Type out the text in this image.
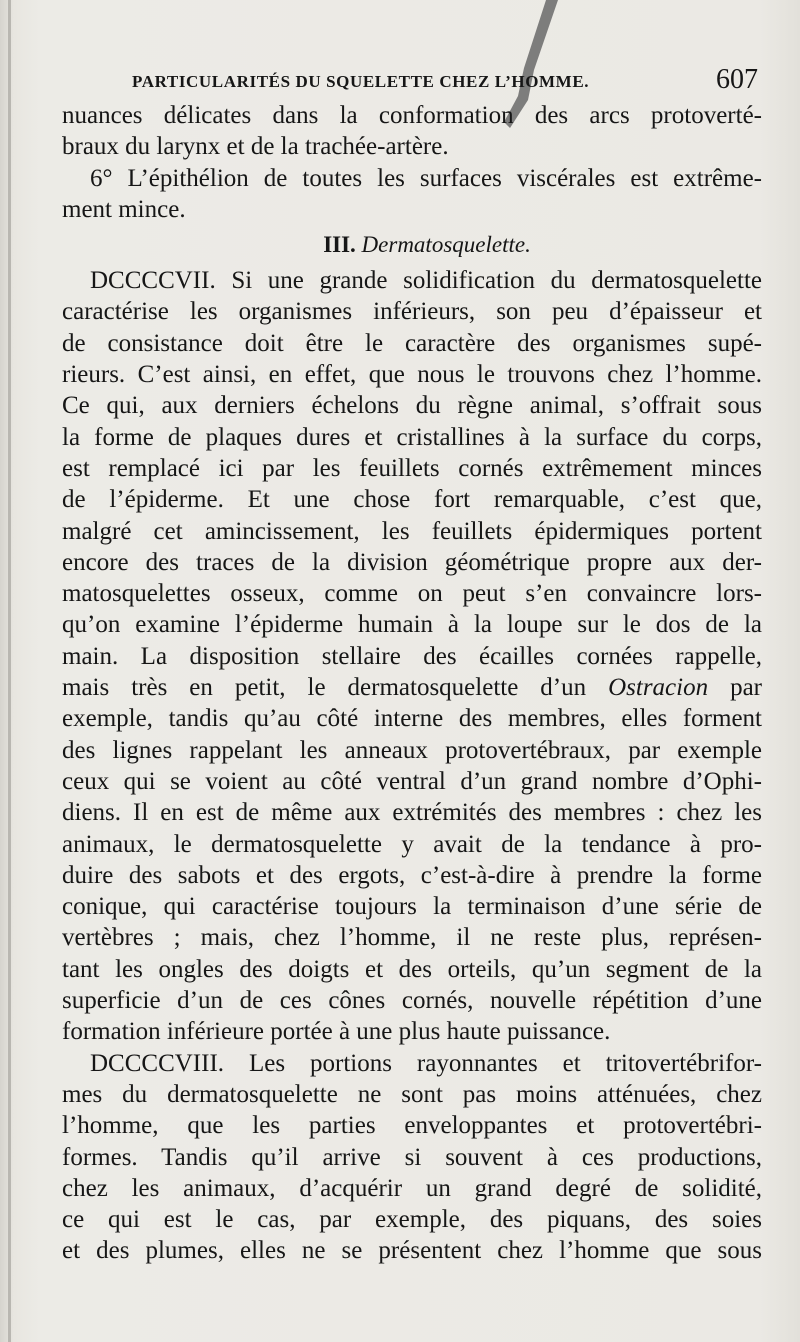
PARTICULARITÉS DU SQUELETTE CHEZ L’HOMME.	607
nuances délicates dans la conformation des arcs protoverté-
braux du larynx et de la trachée-artère.
6° L’épithélion de toutes les surfaces viscérales est extrême-
ment mince.
III. Dermatosquelette.
DCCCCVII. Si une grande solidification du dermatosquelette
caractérise les organismes inférieurs, son peu d’épaisseur et
de consistance doit être le caractère des organismes supé-
rieurs. C’est ainsi, en effet, que nous le trouvons chez l’homme.
Ce qui, aux derniers échelons du règne animal, s’offrait sous
la forme de plaques dures et cristallines à la surface du corps,
est remplacé ici par les feuillets cornés extrêmement minces
de l’épiderme. Et une chose fort remarquable, c’est que,
malgré cet amincissement, les feuillets épidermiques portent
encore des traces de la division géométrique propre aux der-
matosquelettes osseux, comme on peut s’en convaincre lors-
qu’on examine l’épiderme humain à la loupe sur le dos de la
main. La disposition stellaire des écailles cornées rappelle,
mais très en petit, le dermatosquelette d’un Ostracion par
exemple, tandis qu’au côté interne des membres, elles forment
des lignes rappelant les anneaux protovertébraux, par exemple
ceux qui se voient au côté ventral d’un grand nombre d’Ophi-
diens. Il en est de même aux extrémités des membres : chez les
animaux, le dermatosquelette y avait de la tendance à pro-
duire des sabots et des ergots, c’est-à-dire à prendre la forme
conique, qui caractérise toujours la terminaison d’une série de
vertèbres ; mais, chez l’homme, il ne reste plus, représen-
tant les ongles des doigts et des orteils, qu’un segment de la
superficie d’un de ces cônes cornés, nouvelle répétition d’une
formation inférieure portée à une plus haute puissance.
DCCCCVIII. Les portions rayonnantes et tritovertébrifor-
mes du dermatosquelette ne sont pas moins atténuées, chez
l’homme, que les parties enveloppantes et protovertébri-
formes. Tandis qu’il arrive si souvent à ces productions,
chez les animaux, d’acquérir un grand degré de solidité,
ce qui est le cas, par exemple, des piquans, des soies
et des plumes, elles ne se présentent chez l’homme que sous
